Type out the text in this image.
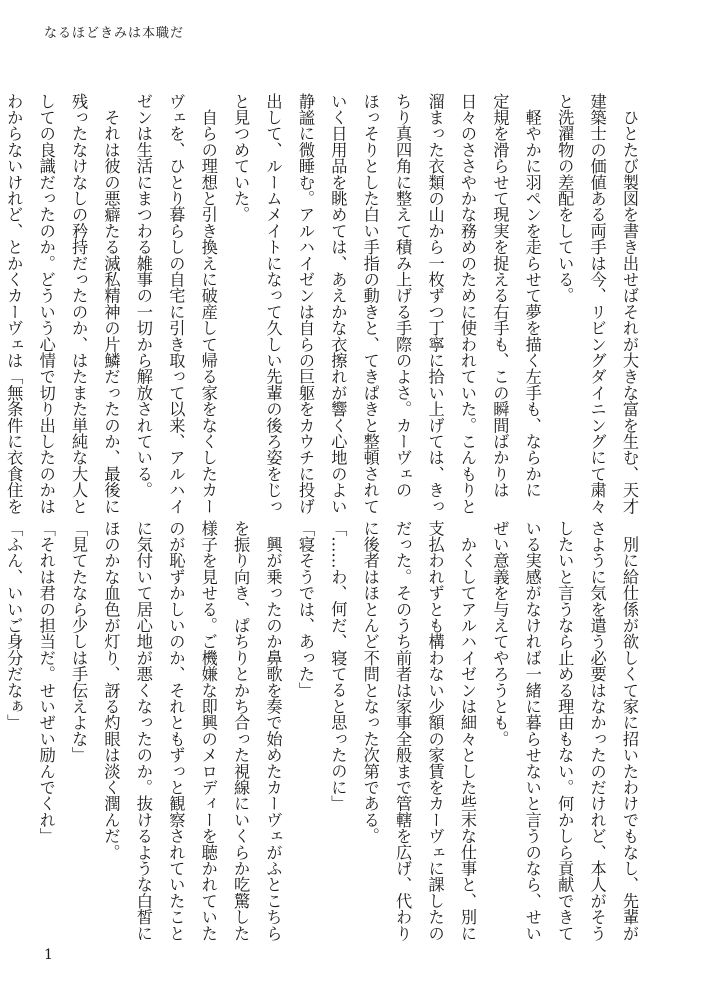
なるほどきみは本職だ
　ひとたび製図を書き出せばそれが大きな富を生む、天才
建築士の価値ある両手は今、リビングダイニングにて粛々
と洗濯物の差配をしている。
　軽やかに羽ペンを走らせて夢を描く左手も、ならかに
定規を滑らせて現実を捉える右手も、この瞬間ばかりは
日々のささやかな務めのために使われていた。こんもりと
溜まった衣類の山から一枚ずつ丁寧に拾い上げては、きっ
ちり真四角に整えて積み上げる手際のよさ。カーヴェの
ほっそりとした白い手指の動きと、てきぱきと整頓されて
いく日用品を眺めては、あえかな衣擦れが響く心地のよい
静謐に微睡む。アルハイゼンは自らの巨躯をカウチに投げ
出して、ルームメイトになって久しい先輩の後ろ姿をじっ
と見つめていた。
　自らの理想と引き換えに破産して帰る家をなくしたカー
ヴェを、ひとり暮らしの自宅に引き取って以来、アルハイ
ゼンは生活にまつわる雑事の一切から解放されている。
　それは彼の悪癖たる滅私精神の片鱗だったのか、最後に
残ったなけなしの矜持だったのか、はたまた単純な大人と
しての良識だったのか。どういう心情で切り出したのかは
わからないけれど、とかくカーヴェは「無条件に衣食住を
　別に給仕係が欲しくて家に招いたわけでもなし、先輩が
さように気を遣う必要はなかったのだけれど、本人がそう
したいと言うなら止める理由もない。何かしら貢献できて
いる実感がなければ一緒に暮らせないと言うのなら、せい
ぜい意義を与えてやろうとも。
　かくしてアルハイゼンは細々とした些末な仕事と、別に
支払われずとも構わない少額の家賃をカーヴェに課したの
だった。そのうち前者は家事全般まで管轄を広げ、代わり
に後者はほとんど不問となった次第である。
「……わ、何だ、寝てると思ったのに」
「寝そうでは、あった」
　興が乗ったのか鼻歌を奏で始めたカーヴェがふとこちら
を振り向き、ぱちりとかち合った視線にいくらか吃驚した
様子を見せる。ご機嫌な即興のメロディーを聴かれていた
のが恥ずかしいのか、それともずっと観察されていたこと
に気付いて居心地が悪くなったのか。抜けるような白皙に
ほのかな血色が灯り、訝る灼眼は淡く潤んだ。
「見てたなら少しは手伝えよな」
「それは君の担当だ。せいぜい励んでくれ」
「ふん、いいご身分だなぁ」
1
